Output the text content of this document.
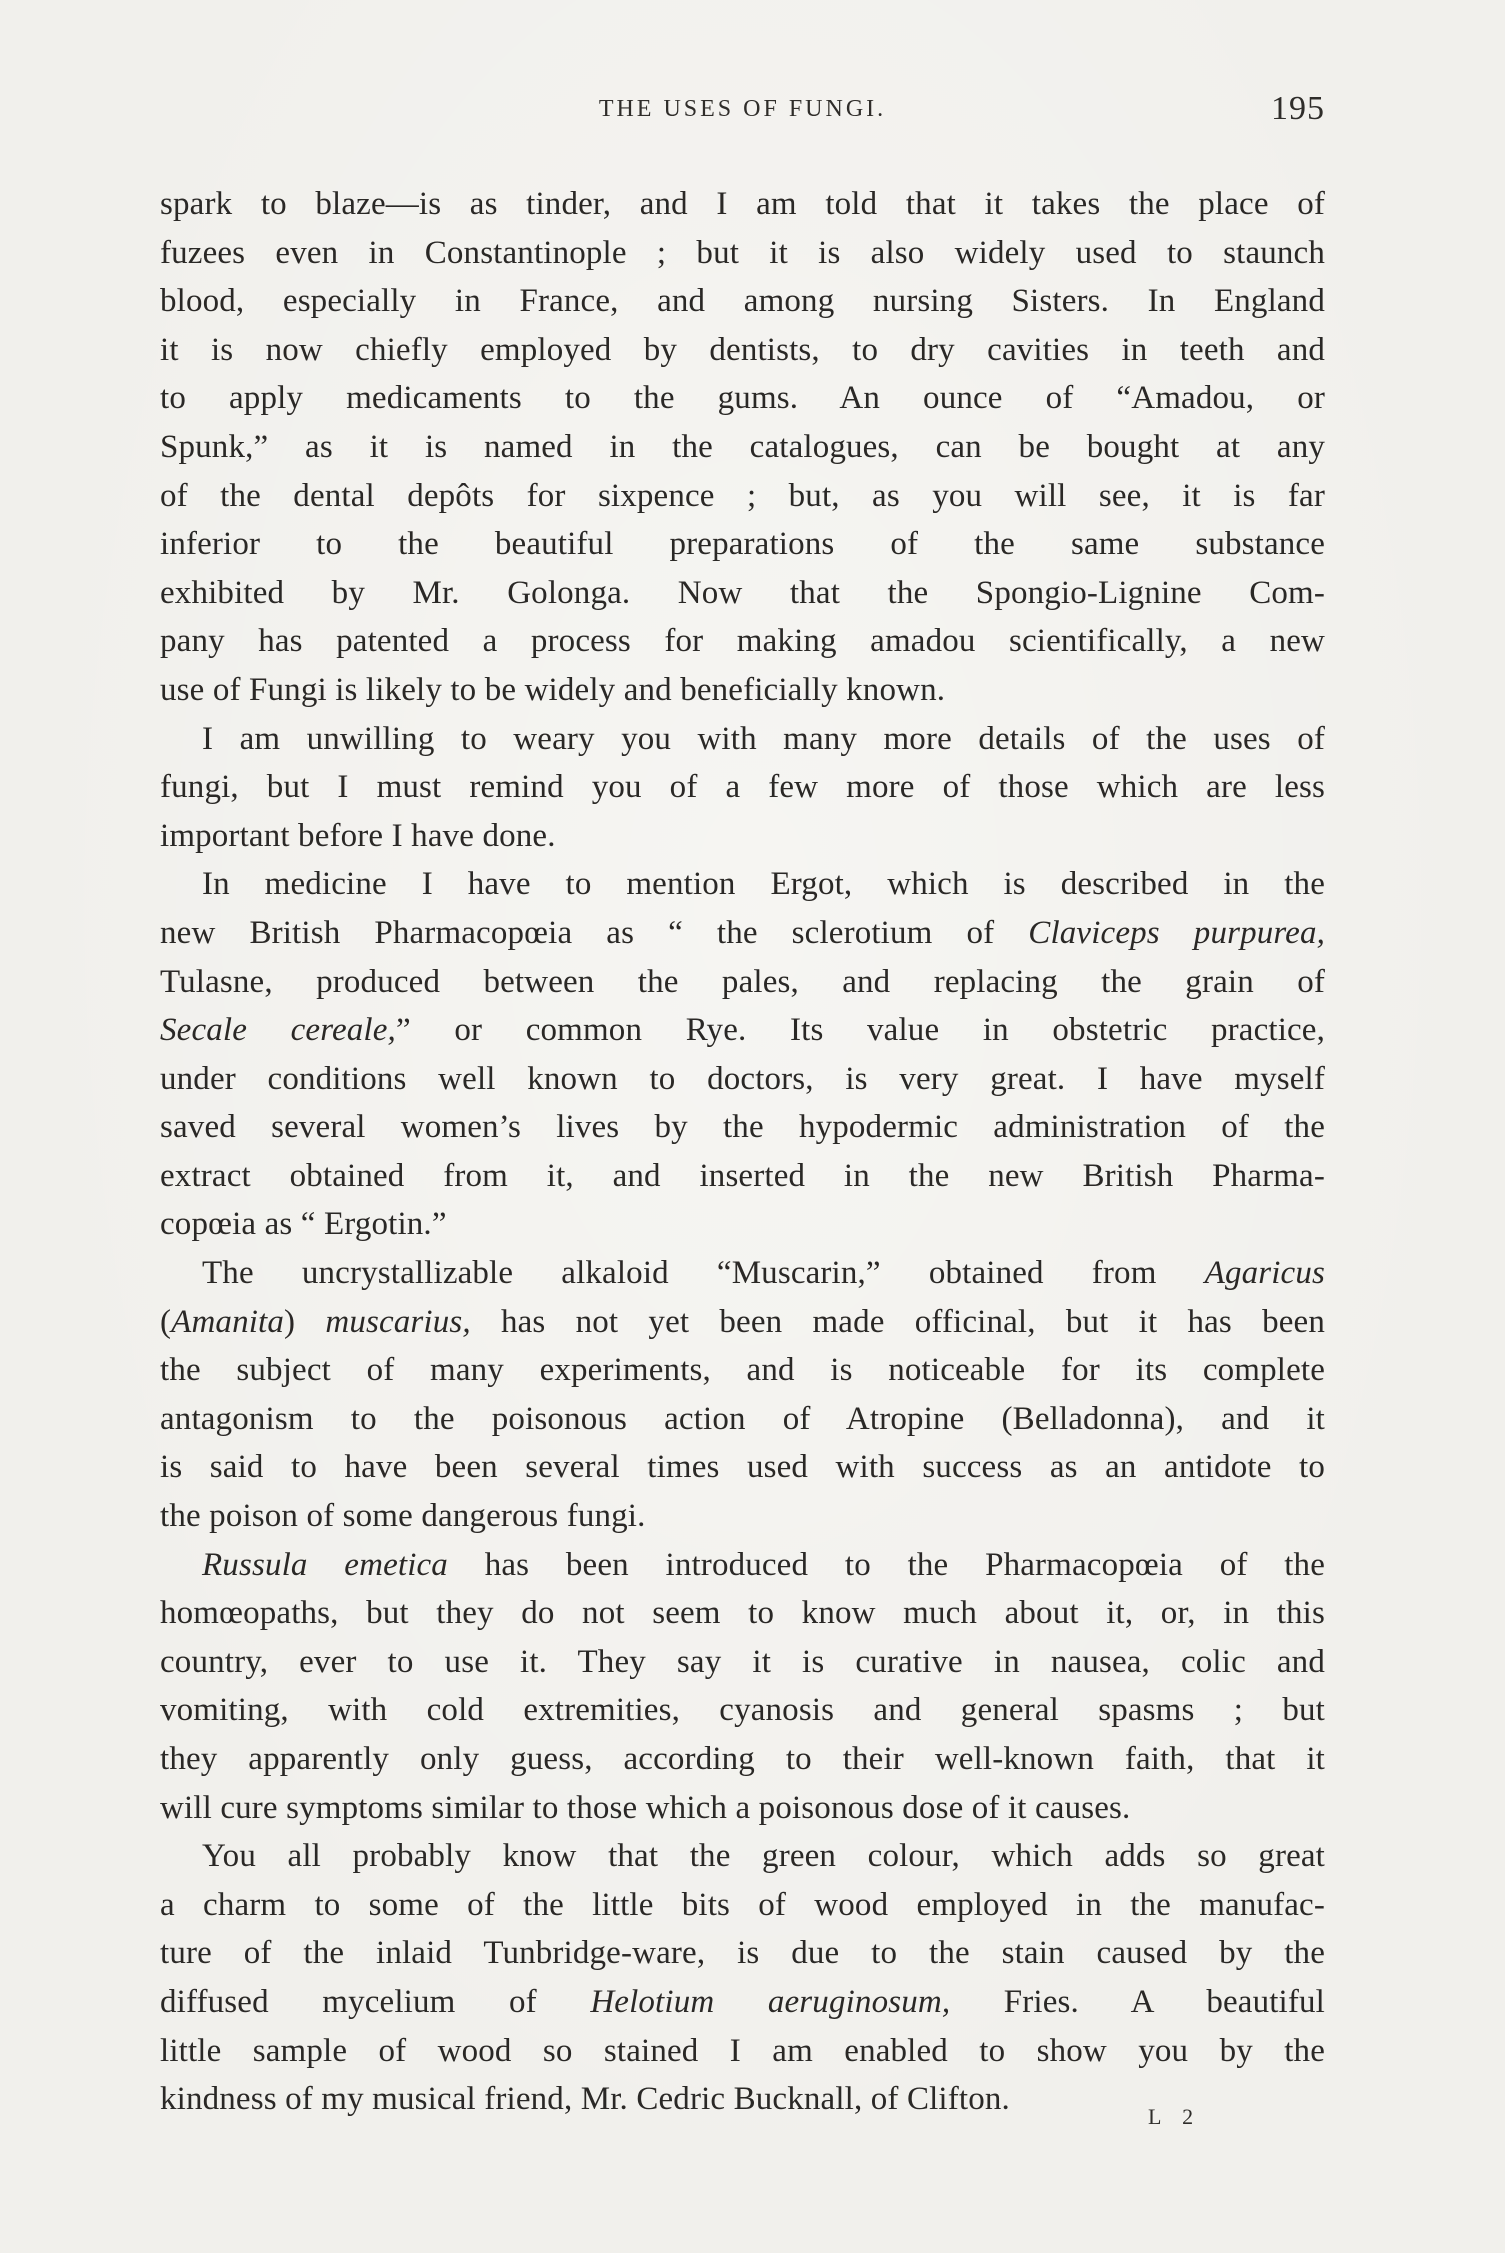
THE USES OF FUNGI.	195
spark to blaze—is as tinder, and I am told that it takes the place of
fuzees even in Constantinople ; but it is also widely used to staunch
blood, especially in France, and among nursing Sisters. In England
it is now chiefly employed by dentists, to dry cavities in teeth and
to apply medicaments to the gums. An ounce of “Amadou, or
Spunk,” as it is named in the catalogues, can be bought at any
of the dental depôts for sixpence ; but, as you will see, it is far
inferior to the beautiful preparations of the same substance
exhibited by Mr. Golonga. Now that the Spongio-Lignine Com-
pany has patented a process for making amadou scientifically, a new
use of Fungi is likely to be widely and beneficially known.
I am unwilling to weary you with many more details of the uses of
fungi, but I must remind you of a few more of those which are less
important before I have done.
In medicine I have to mention Ergot, which is described in the
new British Pharmacopœia as “ the sclerotium of Claviceps purpurea,
Tulasne, produced between the pales, and replacing the grain of
Secale cereale,” or common Rye. Its value in obstetric practice,
under conditions well known to doctors, is very great. I have myself
saved several women’s lives by the hypodermic administration of the
extract obtained from it, and inserted in the new British Pharma-
copœia as “ Ergotin.”
The uncrystallizable alkaloid “Muscarin,” obtained from Agaricus
(Amanita) muscarius, has not yet been made officinal, but it has been
the subject of many experiments, and is noticeable for its complete
antagonism to the poisonous action of Atropine (Belladonna), and it
is said to have been several times used with success as an antidote to
the poison of some dangerous fungi.
Russula emetica has been introduced to the Pharmacopœia of the
homœopaths, but they do not seem to know much about it, or, in this
country, ever to use it. They say it is curative in nausea, colic and
vomiting, with cold extremities, cyanosis and general spasms ; but
they apparently only guess, according to their well-known faith, that it
will cure symptoms similar to those which a poisonous dose of it causes.
You all probably know that the green colour, which adds so great
a charm to some of the little bits of wood employed in the manufac-
ture of the inlaid Tunbridge-ware, is due to the stain caused by the
diffused mycelium of Helotium aeruginosum, Fries. A beautiful
little sample of wood so stained I am enabled to show you by the
kindness of my musical friend, Mr. Cedric Bucknall, of Clifton.	L 2
